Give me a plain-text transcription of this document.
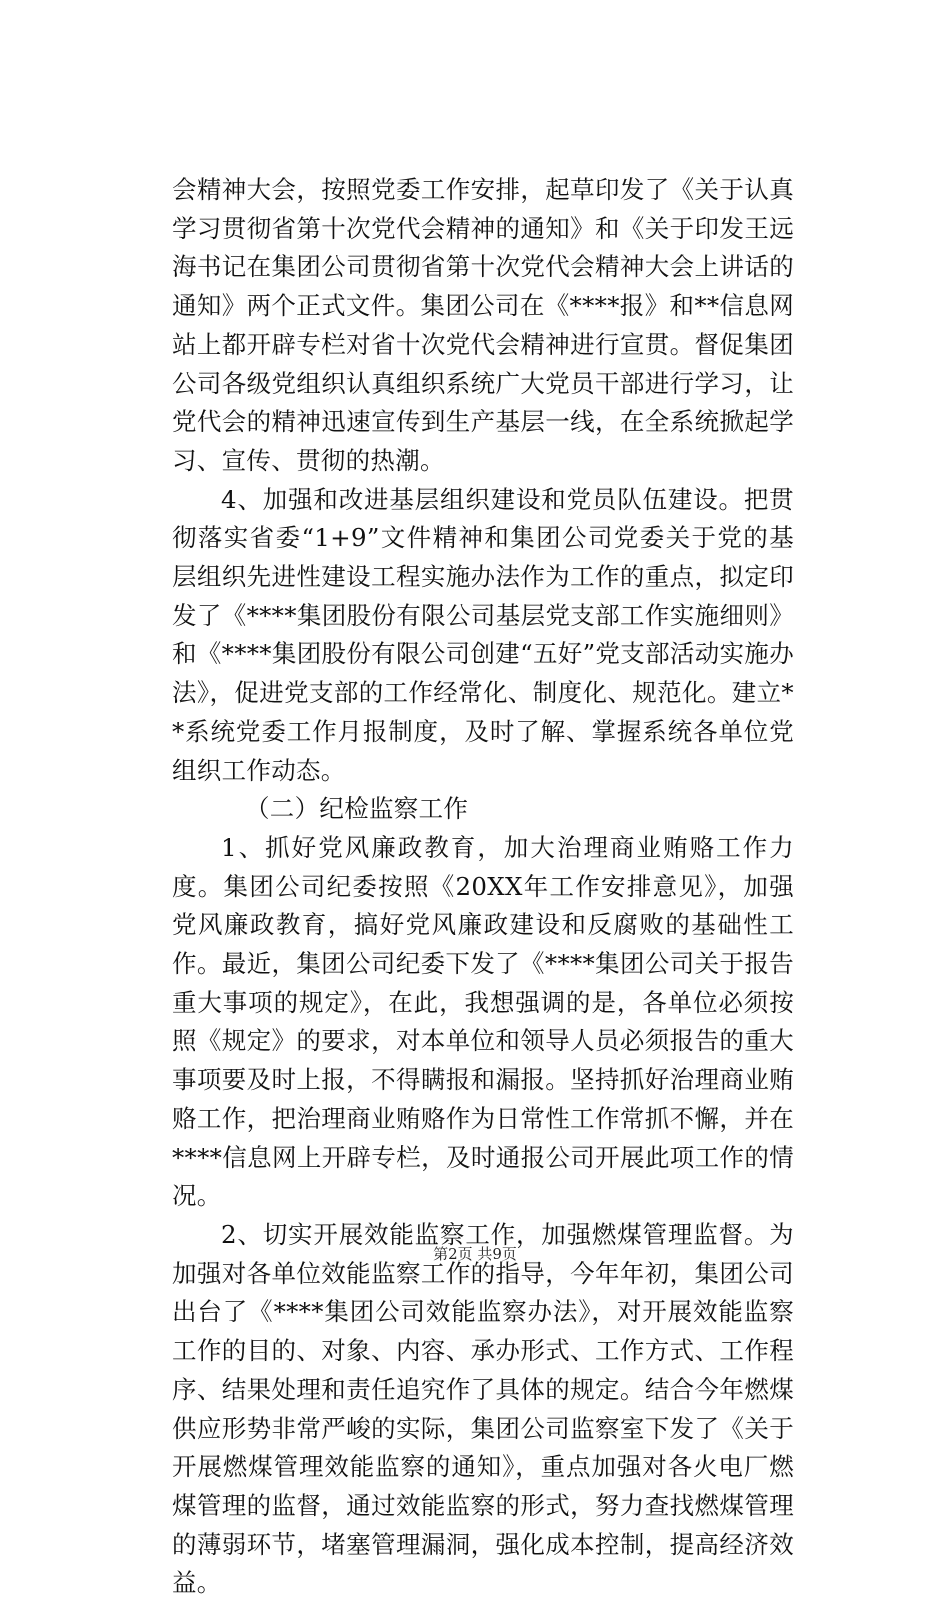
会精神大会，按照党委工作安排，起草印发了《关于认真学习贯彻省第十次党代会精神的通知》和《关于印发王远海书记在集团公司贯彻省第十次党代会精神大会上讲话的通知》两个正式文件。集团公司在《****报》和**信息网站上都开辟专栏对省十次党代会精神进行宣贯。督促集团公司各级党组织认真组织系统广大党员干部进行学习，让党代会的精神迅速宣传到生产基层一线，在全系统掀起学习、宣传、贯彻的热潮。

4、加强和改进基层组织建设和党员队伍建设。把贯彻落实省委“1+9”文件精神和集团公司党委关于党的基层组织先进性建设工程实施办法作为工作的重点，拟定印发了《****集团股份有限公司基层党支部工作实施细则》和《****集团股份有限公司创建“五好”党支部活动实施办法》，促进党支部的工作经常化、制度化、规范化。建立**系统党委工作月报制度，及时了解、掌握系统各单位党组织工作动态。

（二）纪检监察工作

1、抓好党风廉政教育，加大治理商业贿赂工作力度。集团公司纪委按照《20XX年工作安排意见》，加强党风廉政教育，搞好党风廉政建设和反腐败的基础性工作。最近，集团公司纪委下发了《****集团公司关于报告重大事项的规定》，在此，我想强调的是，各单位必须按照《规定》的要求，对本单位和领导人员必须报告的重大事项要及时上报，不得瞒报和漏报。坚持抓好治理商业贿赂工作，把治理商业贿赂作为日常性工作常抓不懈，并在****信息网上开辟专栏，及时通报公司开展此项工作的情况。

2、切实开展效能监察工作，加强燃煤管理监督。为加强对各单位效能监察工作的指导，今年年初，集团公司出台了《****集团公司效能监察办法》，对开展效能监察工作的目的、对象、内容、承办形式、工作方式、工作程序、结果处理和责任追究作了具体的规定。结合今年燃煤供应形势非常严峻的实际，集团公司监察室下发了《关于开展燃煤管理效能监察的通知》，重点加强对各火电厂燃煤管理的监督，通过效能监察的形式，努力查找燃煤管理的薄弱环节，堵塞管理漏洞，强化成本控制，提高经济效益。

第2页 共9页
